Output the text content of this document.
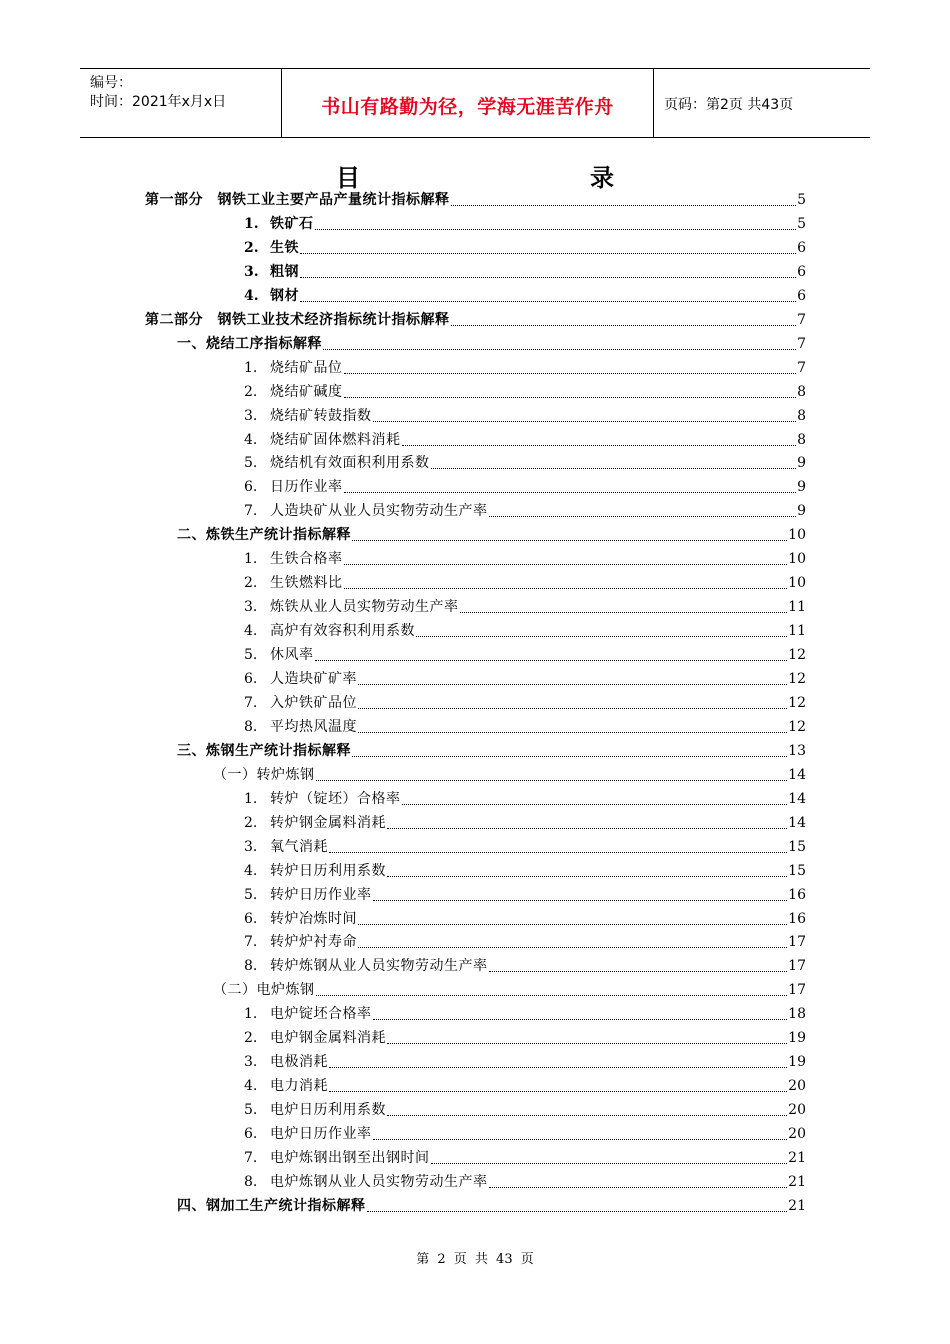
编号：
时间：2021年x月x日	书山有路勤为径，学海无涯苦作舟	页码：第2页 共43页
目	录
第一部分　钢铁工业主要产品产量统计指标解释	5
1. 铁矿石	5
2. 生铁	6
3. 粗钢	6
4. 钢材	6
第二部分　钢铁工业技术经济指标统计指标解释	7
一、烧结工序指标解释	7
1. 烧结矿品位	7
2. 烧结矿碱度	8
3. 烧结矿转鼓指数	8
4. 烧结矿固体燃料消耗	8
5. 烧结机有效面积利用系数	9
6. 日历作业率	9
7. 人造块矿从业人员实物劳动生产率	9
二、炼铁生产统计指标解释	10
1. 生铁合格率	10
2. 生铁燃料比	10
3. 炼铁从业人员实物劳动生产率	11
4. 高炉有效容积利用系数	11
5. 休风率	12
6. 人造块矿矿率	12
7. 入炉铁矿品位	12
8. 平均热风温度	12
三、炼钢生产统计指标解释	13
（一）转炉炼钢	14
1. 转炉（锭坯）合格率	14
2. 转炉钢金属料消耗	14
3. 氧气消耗	15
4. 转炉日历利用系数	15
5. 转炉日历作业率	16
6. 转炉冶炼时间	16
7. 转炉炉衬寿命	17
8. 转炉炼钢从业人员实物劳动生产率	17
（二）电炉炼钢	17
1. 电炉锭坯合格率	18
2. 电炉钢金属料消耗	19
3. 电极消耗	19
4. 电力消耗	20
5. 电炉日历利用系数	20
6. 电炉日历作业率	20
7. 电炉炼钢出钢至出钢时间	21
8. 电炉炼钢从业人员实物劳动生产率	21
四、钢加工生产统计指标解释	21
第 2 页 共 43 页
